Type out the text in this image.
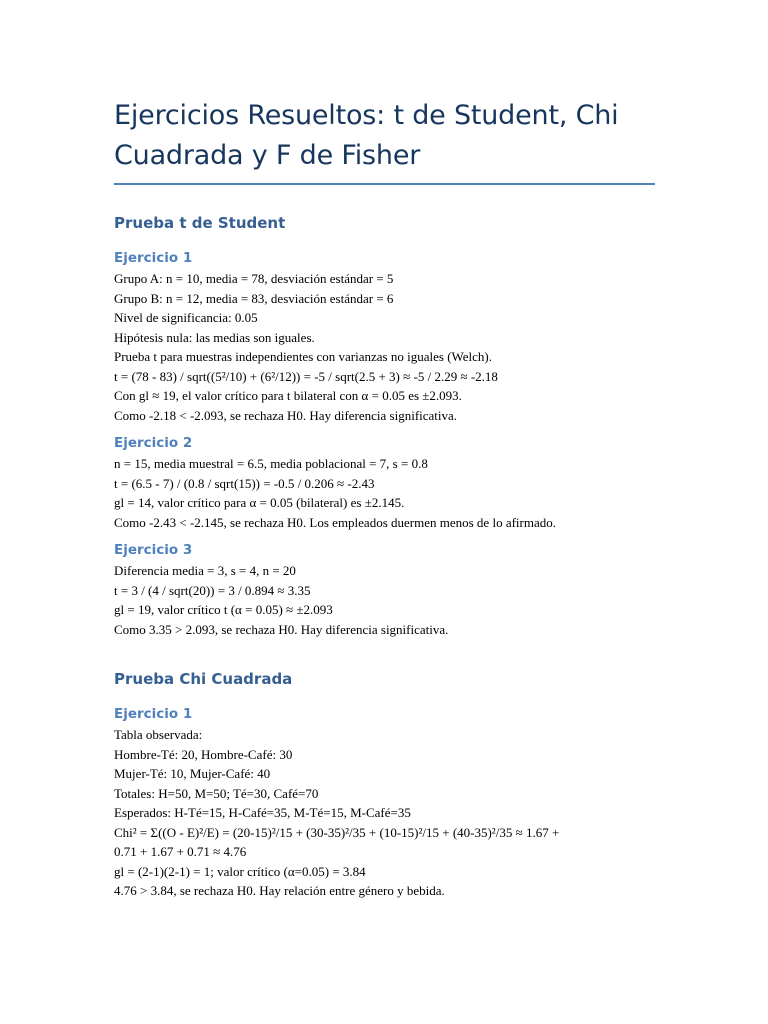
Ejercicios Resueltos: t de Student, Chi Cuadrada y F de Fisher
Prueba t de Student
Ejercicio 1
Grupo A: n = 10, media = 78, desviación estándar = 5
Grupo B: n = 12, media = 83, desviación estándar = 6
Nivel de significancia: 0.05
Hipótesis nula: las medias son iguales.
Prueba t para muestras independientes con varianzas no iguales (Welch).
t = (78 - 83) / sqrt((5²/10) + (6²/12)) = -5 / sqrt(2.5 + 3) ≈ -5 / 2.29 ≈ -2.18
Con gl ≈ 19, el valor crítico para t bilateral con α = 0.05 es ±2.093.
Como -2.18 < -2.093, se rechaza H0. Hay diferencia significativa.
Ejercicio 2
n = 15, media muestral = 6.5, media poblacional = 7, s = 0.8
t = (6.5 - 7) / (0.8 / sqrt(15)) = -0.5 / 0.206 ≈ -2.43
gl = 14, valor crítico para α = 0.05 (bilateral) es ±2.145.
Como -2.43 < -2.145, se rechaza H0. Los empleados duermen menos de lo afirmado.
Ejercicio 3
Diferencia media = 3, s = 4, n = 20
t = 3 / (4 / sqrt(20)) = 3 / 0.894 ≈ 3.35
gl = 19, valor crítico t (α = 0.05) ≈ ±2.093
Como 3.35 > 2.093, se rechaza H0. Hay diferencia significativa.
Prueba Chi Cuadrada
Ejercicio 1
Tabla observada:
Hombre-Té: 20, Hombre-Café: 30
Mujer-Té: 10, Mujer-Café: 40
Totales: H=50, M=50; Té=30, Café=70
Esperados: H-Té=15, H-Café=35, M-Té=15, M-Café=35
Chi² = Σ((O - E)²/E) = (20-15)²/15 + (30-35)²/35 + (10-15)²/15 + (40-35)²/35 ≈ 1.67 +
0.71 + 1.67 + 0.71 ≈ 4.76
gl = (2-1)(2-1) = 1; valor crítico (α=0.05) = 3.84
4.76 > 3.84, se rechaza H0. Hay relación entre género y bebida.
